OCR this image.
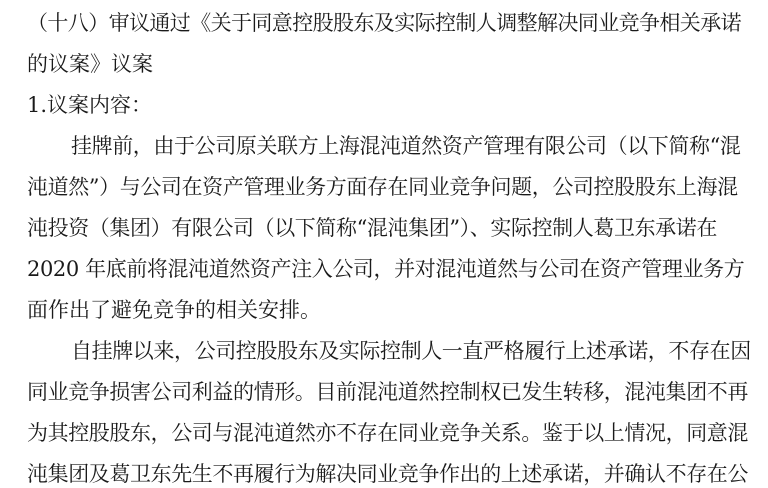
（十八）审议通过《关于同意控股股东及实际控制人调整解决同业竞争相关承诺
的议案》议案
1.议案内容：
挂牌前，由于公司原关联方上海混沌道然资产管理有限公司（以下简称“混
沌道然”）与公司在资产管理业务方面存在同业竞争问题，公司控股股东上海混
沌投资（集团）有限公司（以下简称“混沌集团”）、实际控制人葛卫东承诺在
2020 年底前将混沌道然资产注入公司，并对混沌道然与公司在资产管理业务方
面作出了避免竞争的相关安排。
自挂牌以来，公司控股股东及实际控制人一直严格履行上述承诺，不存在因
同业竞争损害公司利益的情形。目前混沌道然控制权已发生转移，混沌集团不再
为其控股股东，公司与混沌道然亦不存在同业竞争关系。鉴于以上情况，同意混
沌集团及葛卫东先生不再履行为解决同业竞争作出的上述承诺，并确认不存在公
